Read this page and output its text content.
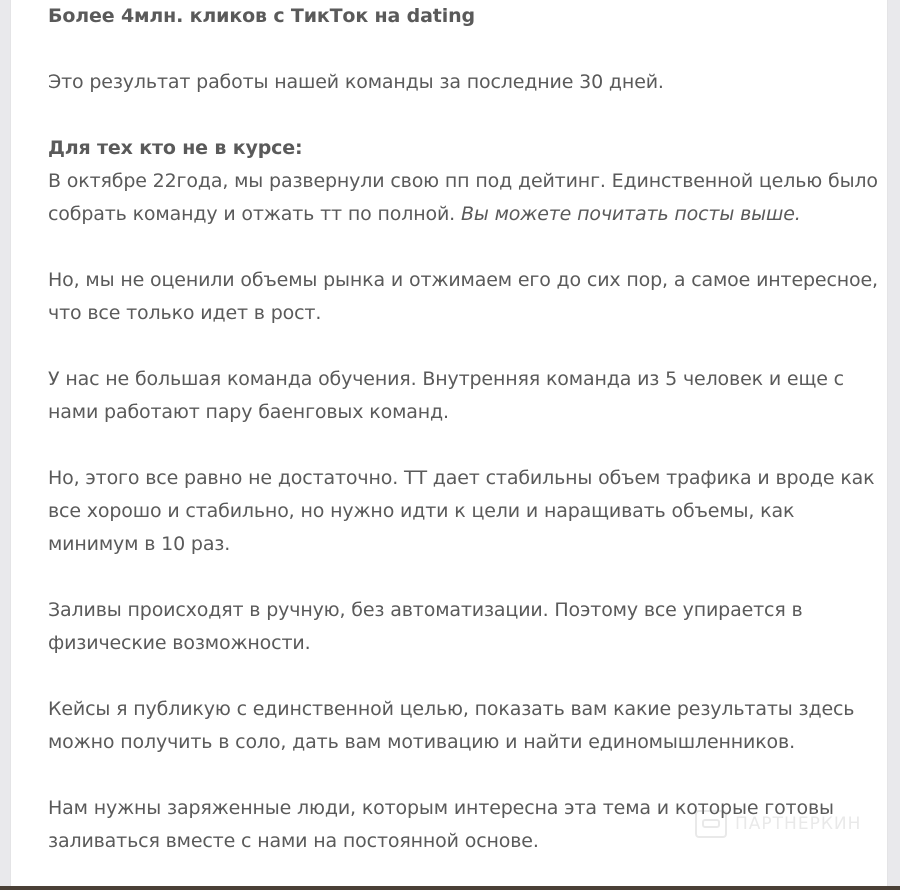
Более 4млн. кликов с ТикТок на dating

Это результат работы нашей команды за последние 30 дней.

Для тех кто не в курсе:
В октябре 22года, мы развернули свою пп под дейтинг. Единственной целью было собрать команду и отжать тт по полной. Вы можете почитать посты выше.

Но, мы не оценили объемы рынка и отжимаем его до сих пор, а самое интересное, что все только идет в рост.

У нас не большая команда обучения. Внутренняя команда из 5 человек и еще с нами работают пару баенговых команд.

Но, этого все равно не достаточно. ТТ дает стабильны объем трафика и вроде как все хорошо и стабильно, но нужно идти к цели и наращивать объемы, как минимум в 10 раз.

Заливы происходят в ручную, без автоматизации. Поэтому все упирается в физические возможности.

Кейсы я публикую с единственной целью, показать вам какие результаты здесь можно получить в соло, дать вам мотивацию и найти единомышленников.

Нам нужны заряженные люди, которым интересна эта тема и которые готовы заливаться вместе с нами на постоянной основе.

ПАРТНЕРКИН
